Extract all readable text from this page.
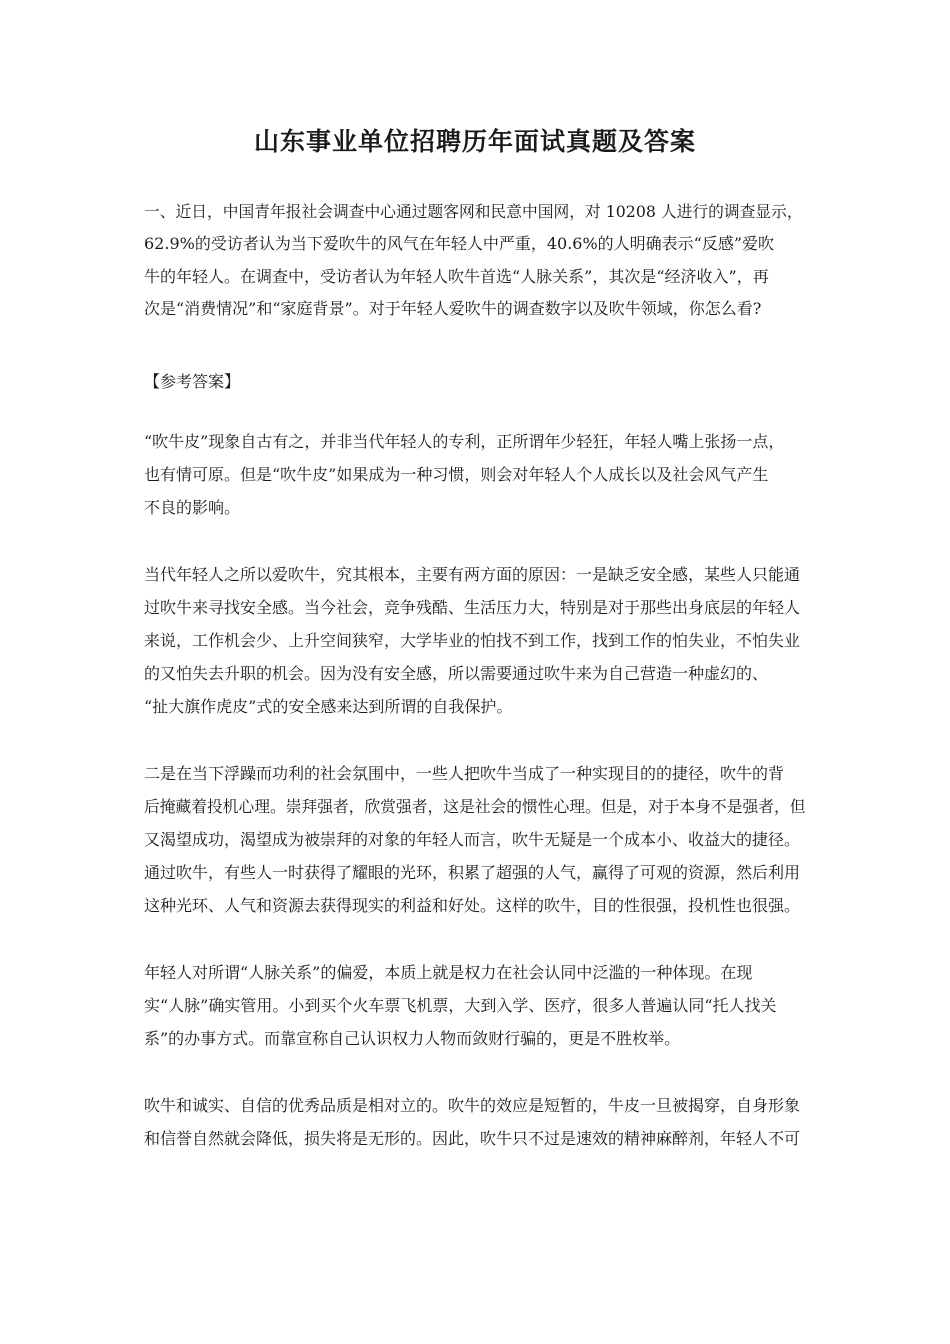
山东事业单位招聘历年面试真题及答案
一、近日，中国青年报社会调查中心通过题客网和民意中国网，对 10208 人进行的调查显示，
62.9%的受访者认为当下爱吹牛的风气在年轻人中严重，40.6%的人明确表示“反感”爱吹
牛的年轻人。在调查中，受访者认为年轻人吹牛首选“人脉关系”，其次是“经济收入”，再
次是“消费情况”和“家庭背景”。对于年轻人爱吹牛的调查数字以及吹牛领域，你怎么看?
【参考答案】
“吹牛皮”现象自古有之，并非当代年轻人的专利，正所谓年少轻狂，年轻人嘴上张扬一点，
也有情可原。但是“吹牛皮”如果成为一种习惯，则会对年轻人个人成长以及社会风气产生
不良的影响。
当代年轻人之所以爱吹牛，究其根本，主要有两方面的原因：一是缺乏安全感，某些人只能通
过吹牛来寻找安全感。当今社会，竞争残酷、生活压力大，特别是对于那些出身底层的年轻人
来说，工作机会少、上升空间狭窄，大学毕业的怕找不到工作，找到工作的怕失业，不怕失业
的又怕失去升职的机会。因为没有安全感，所以需要通过吹牛来为自己营造一种虚幻的、
“扯大旗作虎皮”式的安全感来达到所谓的自我保护。
二是在当下浮躁而功利的社会氛围中，一些人把吹牛当成了一种实现目的的捷径，吹牛的背
后掩藏着投机心理。崇拜强者，欣赏强者，这是社会的惯性心理。但是，对于本身不是强者，但
又渴望成功，渴望成为被崇拜的对象的年轻人而言，吹牛无疑是一个成本小、收益大的捷径。
通过吹牛，有些人一时获得了耀眼的光环，积累了超强的人气，赢得了可观的资源，然后利用
这种光环、人气和资源去获得现实的利益和好处。这样的吹牛，目的性很强，投机性也很强。
年轻人对所谓“人脉关系”的偏爱，本质上就是权力在社会认同中泛滥的一种体现。在现
实“人脉”确实管用。小到买个火车票飞机票，大到入学、医疗，很多人普遍认同“托人找关
系”的办事方式。而靠宣称自己认识权力人物而敛财行骗的，更是不胜枚举。
吹牛和诚实、自信的优秀品质是相对立的。吹牛的效应是短暂的，牛皮一旦被揭穿，自身形象
和信誉自然就会降低，损失将是无形的。因此，吹牛只不过是速效的精神麻醉剂，年轻人不可
